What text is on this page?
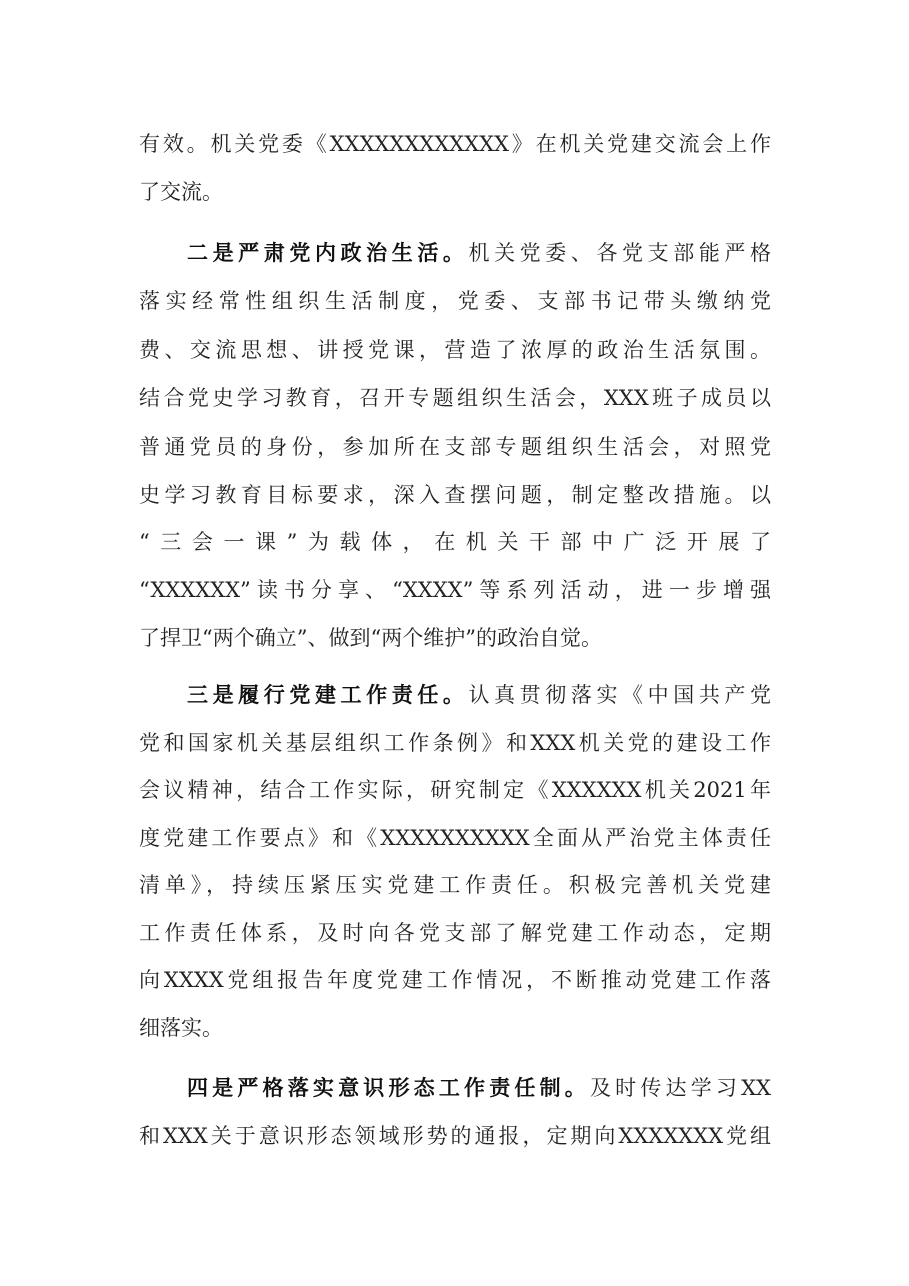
有效。机关党委《XXXXXXXXXXXX》在机关党建交流会上作
了交流。
二是严肃党内政治生活。机关党委、各党支部能严格
落实经常性组织生活制度，党委、支部书记带头缴纳党
费、交流思想、讲授党课，营造了浓厚的政治生活氛围。
结合党史学习教育，召开专题组织生活会，XXX班子成员以
普通党员的身份，参加所在支部专题组织生活会，对照党
史学习教育目标要求，深入查摆问题，制定整改措施。以
“三会一课”为载体，在机关干部中广泛开展了
“XXXXXX”读书分享、“XXXX”等系列活动，进一步增强
了捍卫“两个确立”、做到“两个维护”的政治自觉。
三是履行党建工作责任。认真贯彻落实《中国共产党
党和国家机关基层组织工作条例》和XXX机关党的建设工作
会议精神，结合工作实际，研究制定《XXXXXX机关2021年
度党建工作要点》和《XXXXXXXXXX全面从严治党主体责任
清单》，持续压紧压实党建工作责任。积极完善机关党建
工作责任体系，及时向各党支部了解党建工作动态，定期
向XXXX党组报告年度党建工作情况，不断推动党建工作落
细落实。
四是严格落实意识形态工作责任制。及时传达学习XX
和XXX关于意识形态领域形势的通报，定期向XXXXXXX党组
